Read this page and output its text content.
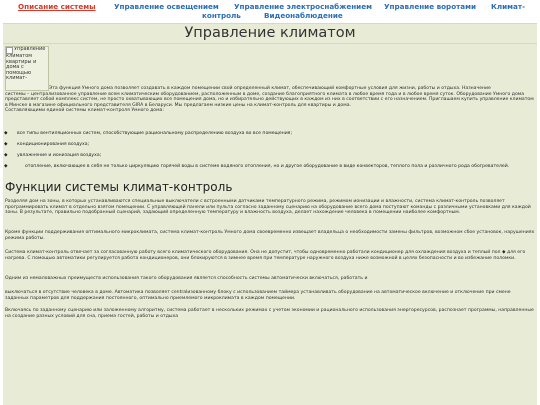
Описание системы	Управление освещением Управление электроснабжением Управление воротами Климат-
контроль	Видеонаблюдение
Управление климатом
Управление климатом квартиры и дома с помощью климат-
Эта функция Умного дома позволяет создавать в каждом помещении свой определенный климат, обеспечивающий комфортные условия для жизни, работы и отдыха. Назначение
системы – централизованное управление всем климатическим оборудованием, расположенным в доме, создание благоприятного климата в любое время года и в любое время суток. Оборудование Умного дома представляет собой комплекс систем, не просто охватывающих все помещения дома, но и избирательно действующих в каждом из них в соответствии с его назначением. Приглашаем купить управление климатом в Минске в магазине официального представителя GIRA в Беларуси. Мы предлагаем низкие цены на климат-контроль для квартиры и дома.
Составляющими единой системы климат-контроля Умного дома:
◆ все типы вентиляционных систем, способствующие рациональному распределению воздуха во все помещения;
◆ кондиционирования воздуха;
◆ увлажнение и ионизация воздуха;
◆	отопление, включающее в себя не только циркуляцию горячей воды в системе водяного отопления, но и другое оборудование в виде конвекторов, теплого пола и различного рода обогревателей.
Функции системы климат-контроль
Разделяя дом на зоны, в которых устанавливаются специальные выключатели с встроенными датчиками температурного режима, режимом ионизации и влажности, система климат-контроль позволяет программировать климат в отдельно взятом помещении. С управляющей панели или пульта согласно заданному сценарию на оборудование всего дома поступают команды с различными установками для каждой зоны. В результате, правильно подобранный сценарий, задающий определенную температуру и влажность воздуха, делает нахождение человека в помещении наиболее комфортным.
Кроме функции поддерживания оптимального микроклимата, система климат-контроль Умного дома своевременно извещает владельца о необходимости замены фильтров, возможном сбое установок, нарушениях режима работы.
Система климат-контроль отвечает за согласованную работу всего климатического оборудования. Она не допустит, чтобы одновременно работали кондиционер для охлаждения воздуха и теплый пол ◆ для его нагрева. С помощью автоматики регулируется работа кондиционеров, они блокируются в зимнее время при температуре наружного воздуха ниже возможной в целях безопасности и во избежание поломки.
Одним из немаловажных преимуществ использования такого оборудования является способность системы автоматически включаться, работать и
выключаться в отсутствие человека в доме. Автоматика позволяет centralизованному блоку с использованием таймера устанавливать оборудование на автоматическое включение и отключение при смене заданных параметров для поддержания постоянного, оптимально приемлемого микроклимата в каждом помещении.
Включаясь по заданному сценарию или заложенному алгоритму, система работает в нескольких режимах с учетом экономии и рационального использования энергоресурсов, распознает программы, направленные на создание разных условий для сна, приема гостей, работы и отдыха
